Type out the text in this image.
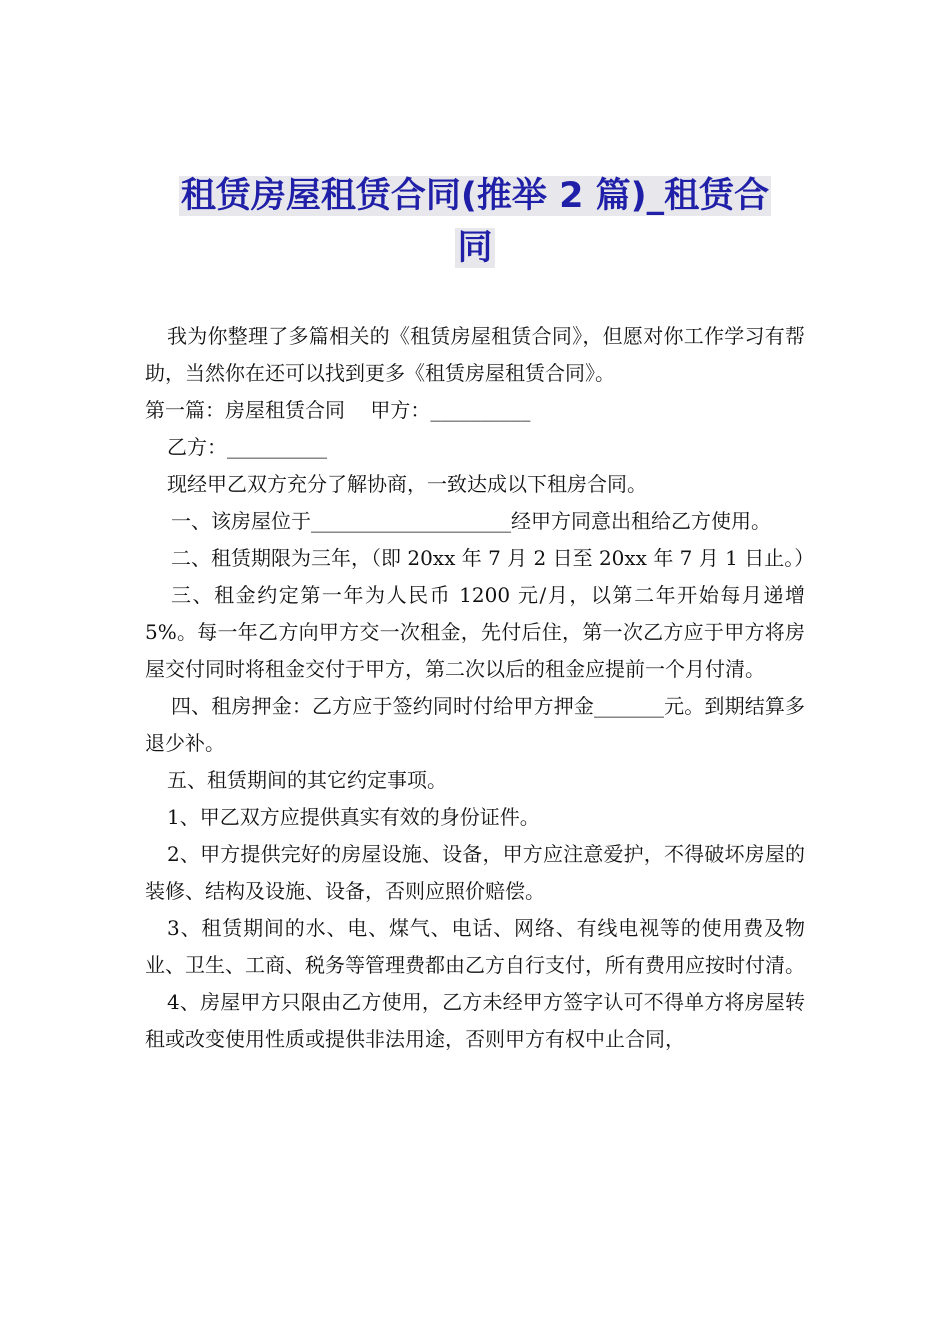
租赁房屋租赁合同(推举 2 篇)_租赁合
同

我为你整理了多篇相关的《租赁房屋租赁合同》，但愿对你工作学习有帮助，当然你在还可以找到更多《租赁房屋租赁合同》。

第一篇：房屋租赁合同    甲方：__________

乙方：__________

现经甲乙双方充分了解协商，一致达成以下租房合同。

一、该房屋位于____________________经甲方同意出租给乙方使用。

二、租赁期限为三年，（即 20xx 年 7 月 2 日至 20xx 年 7 月 1 日止。）

三、租金约定第一年为人民币 1200 元/月，以第二年开始每月递增 5%。每一年乙方向甲方交一次租金，先付后住，第一次乙方应于甲方将房屋交付同时将租金交付于甲方，第二次以后的租金应提前一个月付清。

四、租房押金：乙方应于签约同时付给甲方押金_______元。到期结算多退少补。

五、租赁期间的其它约定事项。

1、甲乙双方应提供真实有效的身份证件。

2、甲方提供完好的房屋设施、设备，甲方应注意爱护，不得破坏房屋的装修、结构及设施、设备，否则应照价赔偿。

3、租赁期间的水、电、煤气、电话、网络、有线电视等的使用费及物业、卫生、工商、税务等管理费都由乙方自行支付，所有费用应按时付清。

4、房屋甲方只限由乙方使用，乙方未经甲方签字认可不得单方将房屋转租或改变使用性质或提供非法用途，否则甲方有权中止合同，
